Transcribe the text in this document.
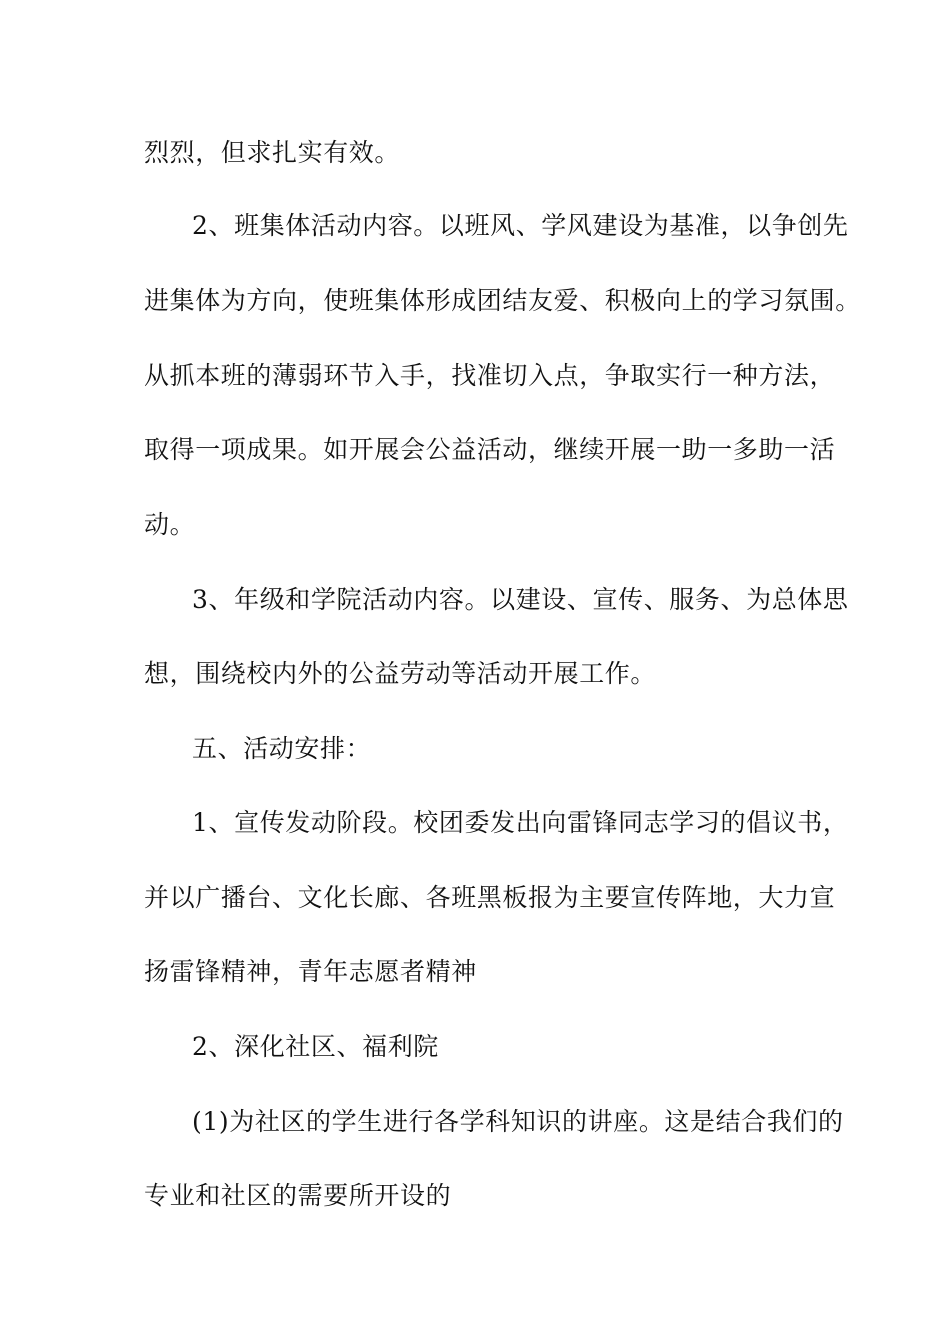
烈烈，但求扎实有效。

2、班集体活动内容。以班风、学风建设为基准，以争创先

进集体为方向，使班集体形成团结友爱、积极向上的学习氛围。

从抓本班的薄弱环节入手，找准切入点，争取实行一种方法，

取得一项成果。如开展会公益活动，继续开展一助一多助一活

动。

3、年级和学院活动内容。以建设、宣传、服务、为总体思

想，围绕校内外的公益劳动等活动开展工作。

五、活动安排：

1、宣传发动阶段。校团委发出向雷锋同志学习的倡议书，

并以广播台、文化长廊、各班黑板报为主要宣传阵地，大力宣

扬雷锋精神，青年志愿者精神

2、深化社区、福利院

(1)为社区的学生进行各学科知识的讲座。这是结合我们的

专业和社区的需要所开设的
